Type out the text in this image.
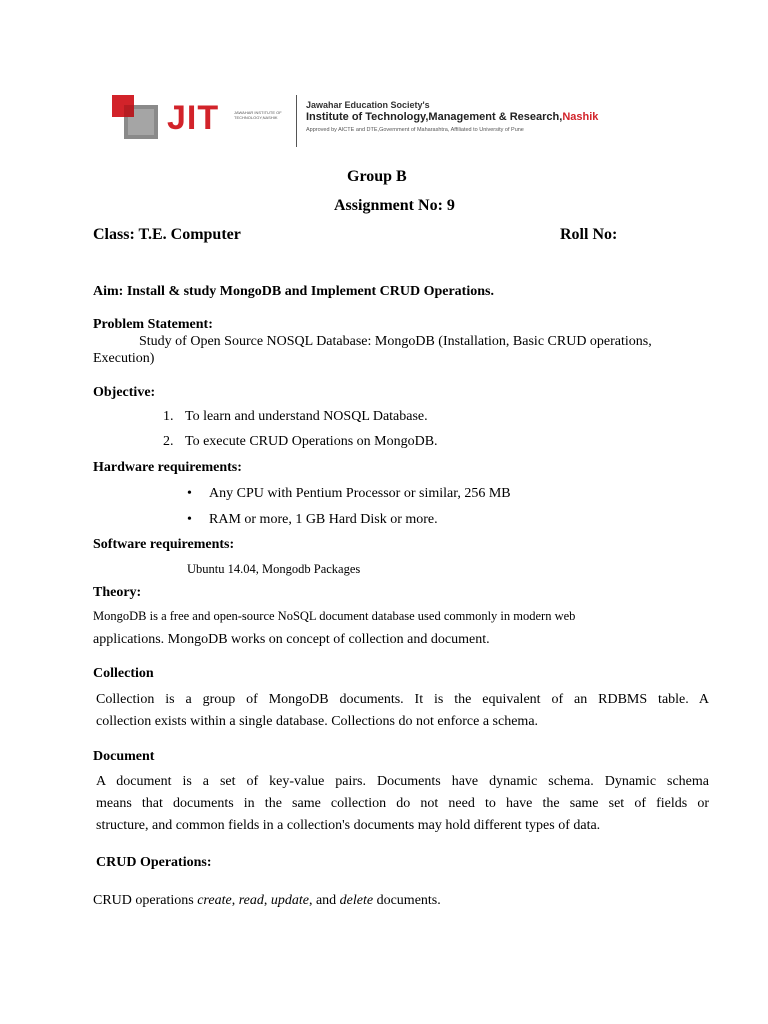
JIT	JAWAHAR INSTITUTE OF TECHNOLOGY,NASHIK
Jawahar Education Society's
Institute of Technology,Management & Research,Nashik
Approved by AICTE and DTE,Government of Maharashtra, Affiliated to University of Pune
Group B
Assignment No: 9
Class: T.E. Computer	Roll No:
Aim: Install & study MongoDB and Implement CRUD Operations.
Problem Statement:
Study of Open Source NOSQL Database: MongoDB (Installation, Basic CRUD operations,
Execution)
Objective:
1. To learn and understand NOSQL Database.
2. To execute CRUD Operations on MongoDB.
Hardware requirements:
• Any CPU with Pentium Processor or similar, 256 MB
• RAM or more, 1 GB Hard Disk or more.
Software requirements:
Ubuntu 14.04, Mongodb Packages
Theory:
MongoDB is a free and open-source NoSQL document database used commonly in modern web
applications. MongoDB works on concept of collection and document.
Collection
Collection is a group of MongoDB documents. It is the equivalent of an RDBMS table. A
collection exists within a single database. Collections do not enforce a schema.
Document
A document is a set of key-value pairs. Documents have dynamic schema. Dynamic schema
means that documents in the same collection do not need to have the same set of fields or
structure, and common fields in a collection's documents may hold different types of data.
CRUD Operations:
CRUD operations create, read, update, and delete documents.
